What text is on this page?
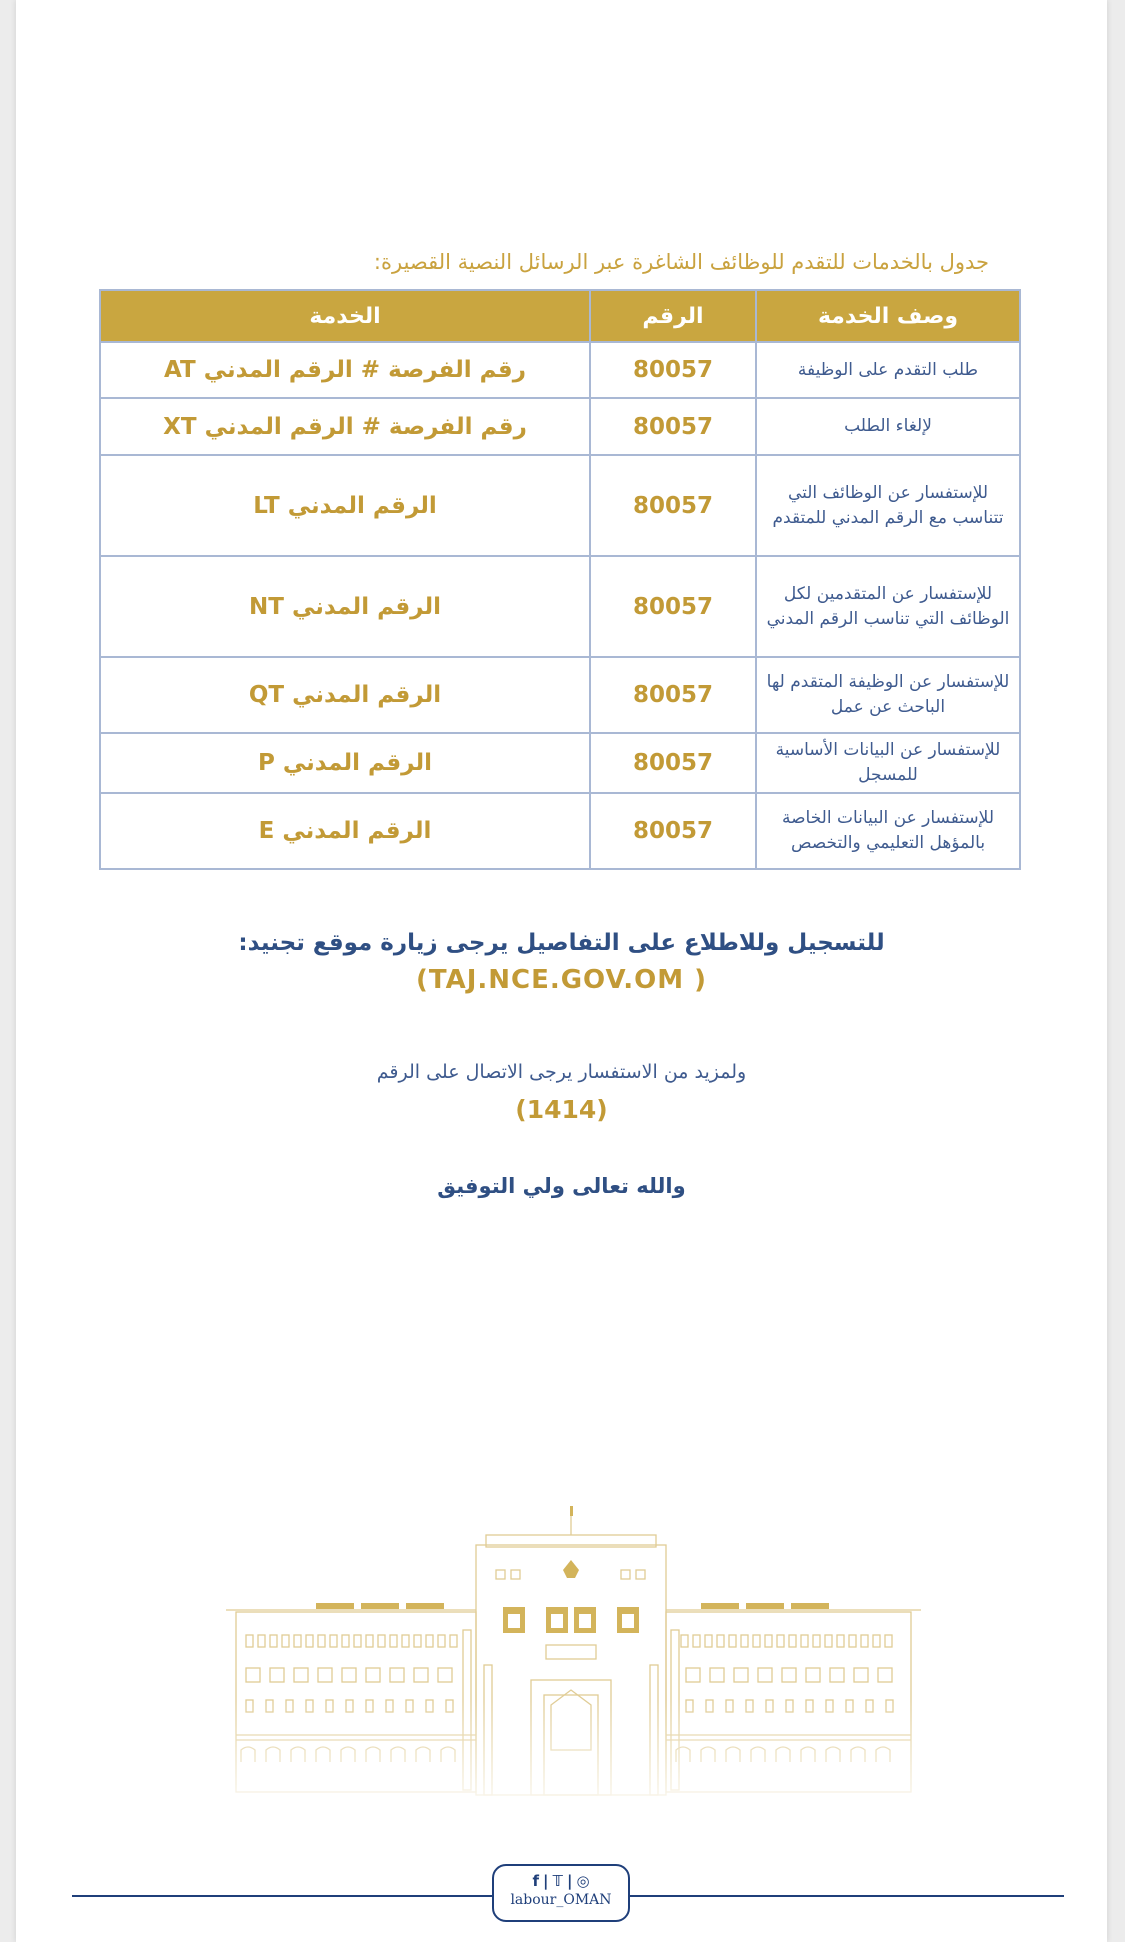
جدول بالخدمات للتقدم للوظائف الشاغرة عبر الرسائل النصية القصيرة:
وصف الخدمة	الرقم	الخدمة
طلب التقدم على الوظيفة	80057	رقم الفرصة # الرقم المدني AT
لإلغاء الطلب	80057	رقم الفرصة # الرقم المدني XT
للإستفسار عن الوظائف التي تتناسب مع الرقم المدني للمتقدم	80057	الرقم المدني LT
للإستفسار عن المتقدمين لكل الوظائف التي تناسب الرقم المدني	80057	الرقم المدني NT
للإستفسار عن الوظيفة المتقدم لها الباحث عن عمل	80057	الرقم المدني QT
للإستفسار عن البيانات الأساسية للمسجل	80057	الرقم المدني P
للإستفسار عن البيانات الخاصة بالمؤهل التعليمي والتخصص	80057	الرقم المدني E
للتسجيل وللاطلاع على التفاصيل يرجى زيارة موقع تجنيد:
(TAJ.NCE.GOV.OM )
ولمزيد من الاستفسار يرجى الاتصال على الرقم
(1414)
والله تعالى ولي التوفيق
f | 𝕋 | ◎
labour_OMAN
